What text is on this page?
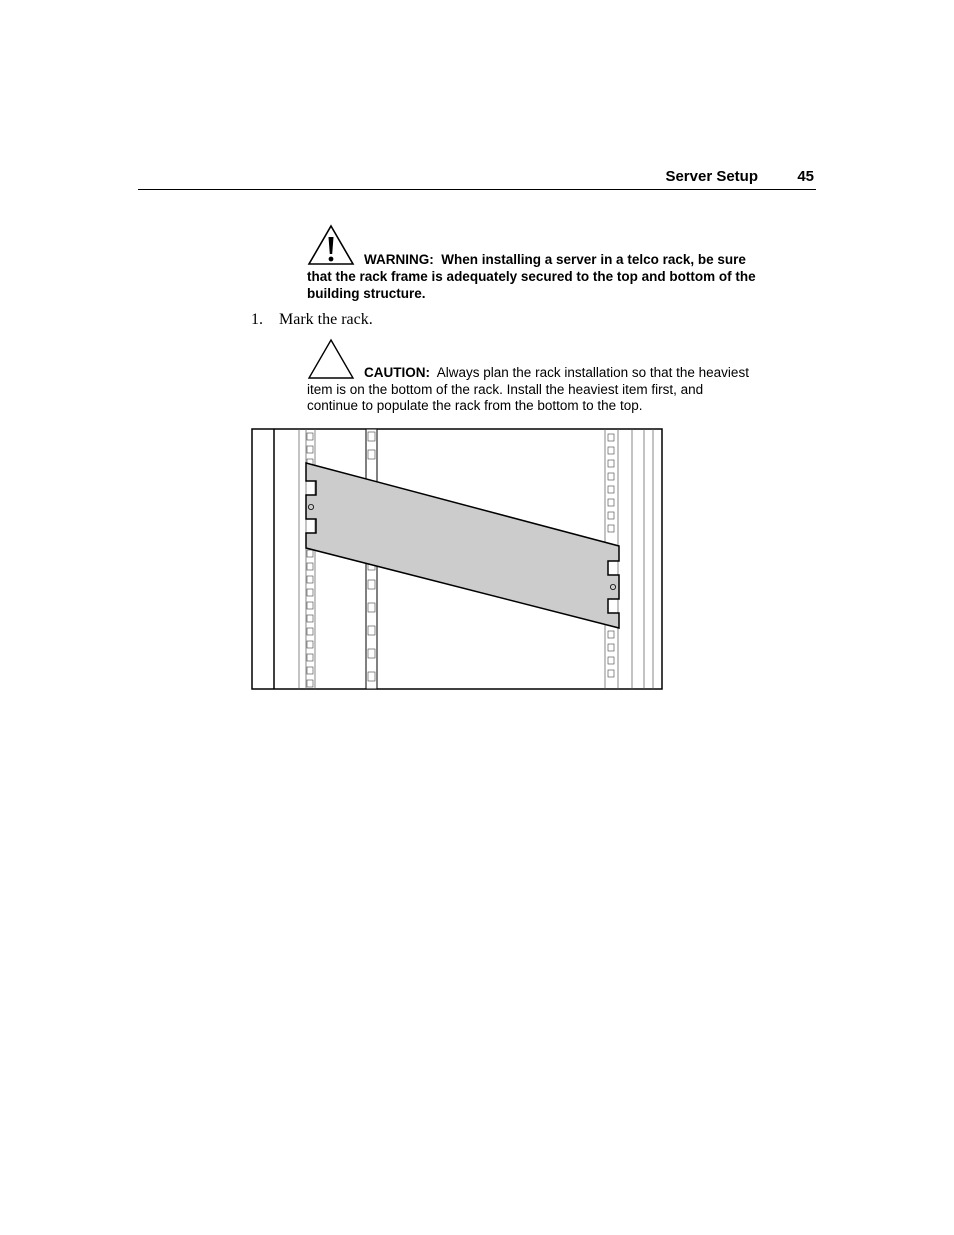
Server Setup	45
WARNING: When installing a server in a telco rack, be sure that the rack frame is adequately secured to the top and bottom of the building structure.
1. Mark the rack.
CAUTION: Always plan the rack installation so that the heaviest item is on the bottom of the rack. Install the heaviest item first, and continue to populate the rack from the bottom to the top.
